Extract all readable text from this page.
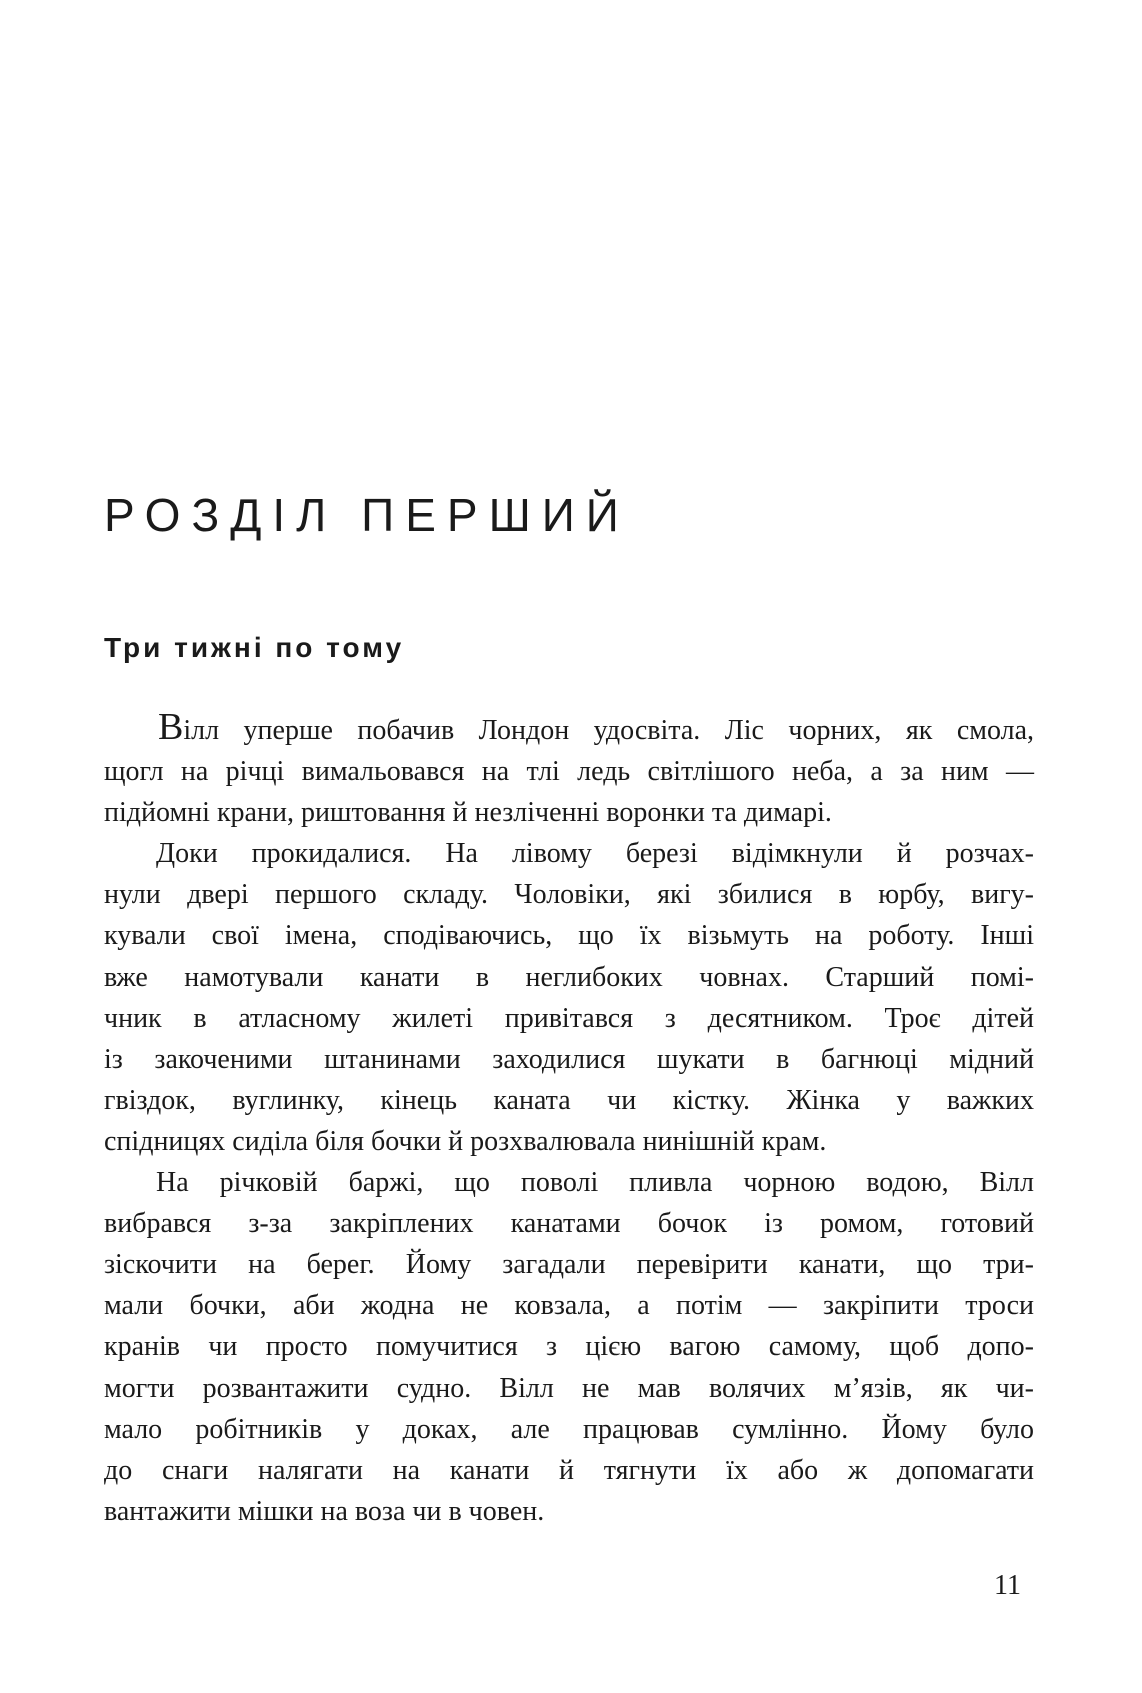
РОЗДІЛ ПЕРШИЙ
Три тижні по тому

Вілл уперше побачив Лондон удосвіта. Ліс чорних, як смола,
щогл на річці вимальовався на тлі ледь світлішого неба, а за ним —
підйомні крани, риштовання й незліченні воронки та димарі.

Доки прокидалися. На лівому березі відімкнули й розчах-
нули двері першого складу. Чоловіки, які збилися в юрбу, вигу-
кували свої імена, сподіваючись, що їх візьмуть на роботу. Інші
вже намотували канати в неглибоких човнах. Старший помі-
чник в атласному жилеті привітався з десятником. Троє дітей
із закоченими штанинами заходилися шукати в багнюці мідний
гвіздок, вуглинку, кінець каната чи кістку. Жінка у важких
спідницях сиділа біля бочки й розхвалювала нинішній крам.

На річковій баржі, що поволі пливла чорною водою, Вілл
вибрався з-за закріплених канатами бочок із ромом, готовий
зіскочити на берег. Йому загадали перевірити канати, що три-
мали бочки, аби жодна не ковзала, а потім — закріпити троси
кранів чи просто помучитися з цією вагою самому, щоб допо-
могти розвантажити судно. Вілл не мав волячих м’язів, як чи-
мало робітників у доках, але працював сумлінно. Йому було
до снаги налягати на канати й тягнути їх або ж допомагати
вантажити мішки на воза чи в човен.

11
